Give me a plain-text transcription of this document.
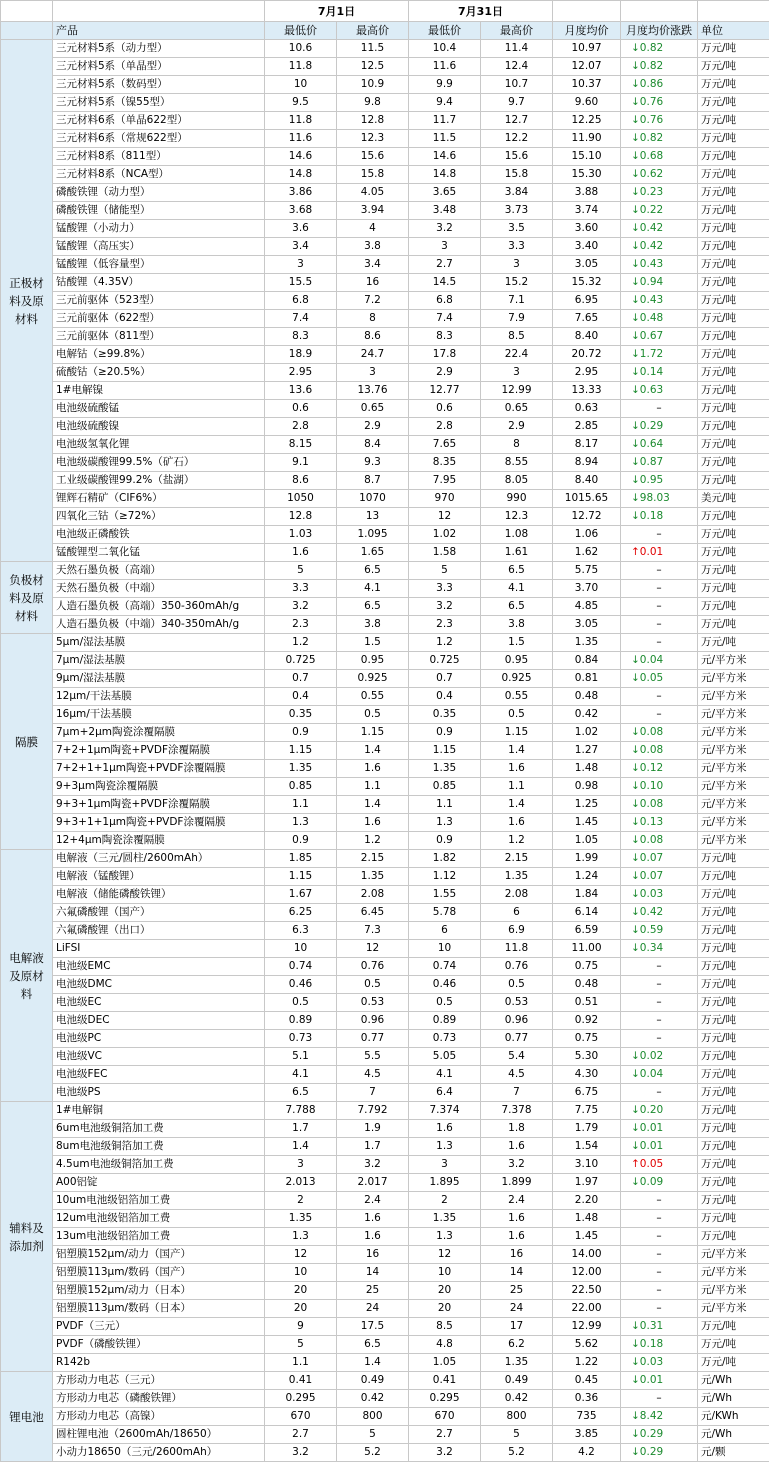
		7月1日		7月31日				
	产品	最低价	最高价	最低价	最高价	月度均价	月度均价涨跌	单位
正极材
料及原
材料	三元材料5系（动力型）	10.6	11.5	10.4	11.4	10.97	↓0.82	万元/吨
	三元材料5系（单晶型）	11.8	12.5	11.6	12.4	12.07	↓0.82	万元/吨
	三元材料5系（数码型）	10	10.9	9.9	10.7	10.37	↓0.86	万元/吨
	三元材料5系（镍55型）	9.5	9.8	9.4	9.7	9.60	↓0.76	万元/吨
	三元材料6系（单晶622型）	11.8	12.8	11.7	12.7	12.25	↓0.76	万元/吨
	三元材料6系（常规622型）	11.6	12.3	11.5	12.2	11.90	↓0.82	万元/吨
	三元材料8系（811型）	14.6	15.6	14.6	15.6	15.10	↓0.68	万元/吨
	三元材料8系（NCA型）	14.8	15.8	14.8	15.8	15.30	↓0.62	万元/吨
	磷酸铁锂（动力型）	3.86	4.05	3.65	3.84	3.88	↓0.23	万元/吨
	磷酸铁锂（储能型）	3.68	3.94	3.48	3.73	3.74	↓0.22	万元/吨
	锰酸锂（小动力）	3.6	4	3.2	3.5	3.60	↓0.42	万元/吨
	锰酸锂（高压实）	3.4	3.8	3	3.3	3.40	↓0.42	万元/吨
	锰酸锂（低容量型）	3	3.4	2.7	3	3.05	↓0.43	万元/吨
	钴酸锂（4.35V）	15.5	16	14.5	15.2	15.32	↓0.94	万元/吨
	三元前驱体（523型）	6.8	7.2	6.8	7.1	6.95	↓0.43	万元/吨
	三元前驱体（622型）	7.4	8	7.4	7.9	7.65	↓0.48	万元/吨
	三元前驱体（811型）	8.3	8.6	8.3	8.5	8.40	↓0.67	万元/吨
	电解钴（≥99.8%）	18.9	24.7	17.8	22.4	20.72	↓1.72	万元/吨
	硫酸钴（≥20.5%）	2.95	3	2.9	3	2.95	↓0.14	万元/吨
	1#电解镍	13.6	13.76	12.77	12.99	13.33	↓0.63	万元/吨
	电池级硫酸锰	0.6	0.65	0.6	0.65	0.63	–	万元/吨
	电池级硫酸镍	2.8	2.9	2.8	2.9	2.85	↓0.29	万元/吨
	电池级氢氧化锂	8.15	8.4	7.65	8	8.17	↓0.64	万元/吨
	电池级碳酸锂99.5%（矿石）	9.1	9.3	8.35	8.55	8.94	↓0.87	万元/吨
	工业级碳酸锂99.2%（盐湖）	8.6	8.7	7.95	8.05	8.40	↓0.95	万元/吨
	锂辉石精矿（CIF6%）	1050	1070	970	990	1015.65	↓98.03	美元/吨
	四氧化三钴（≥72%）	12.8	13	12	12.3	12.72	↓0.18	万元/吨
	电池级正磷酸铁	1.03	1.095	1.02	1.08	1.06	–	万元/吨
	锰酸锂型二氧化锰	1.6	1.65	1.58	1.61	1.62	↑0.01	万元/吨
负极材
料及原
材料	天然石墨负极（高端）	5	6.5	5	6.5	5.75	–	万元/吨
	天然石墨负极（中端）	3.3	4.1	3.3	4.1	3.70	–	万元/吨
	人造石墨负极（高端）350-360mAh/g	3.2	6.5	3.2	6.5	4.85	–	万元/吨
	人造石墨负极（中端）340-350mAh/g	2.3	3.8	2.3	3.8	3.05	–	万元/吨
隔膜	5μm/湿法基膜	1.2	1.5	1.2	1.5	1.35	–	万元/吨
	7μm/湿法基膜	0.725	0.95	0.725	0.95	0.84	↓0.04	元/平方米
	9μm/湿法基膜	0.7	0.925	0.7	0.925	0.81	↓0.05	元/平方米
	12μm/干法基膜	0.4	0.55	0.4	0.55	0.48	–	元/平方米
	16μm/干法基膜	0.35	0.5	0.35	0.5	0.42	–	元/平方米
	7μm+2μm陶瓷涂覆隔膜	0.9	1.15	0.9	1.15	1.02	↓0.08	元/平方米
	7+2+1μm陶瓷+PVDF涂覆隔膜	1.15	1.4	1.15	1.4	1.27	↓0.08	元/平方米
	7+2+1+1μm陶瓷+PVDF涂覆隔膜	1.35	1.6	1.35	1.6	1.48	↓0.12	元/平方米
	9+3μm陶瓷涂覆隔膜	0.85	1.1	0.85	1.1	0.98	↓0.10	元/平方米
	9+3+1μm陶瓷+PVDF涂覆隔膜	1.1	1.4	1.1	1.4	1.25	↓0.08	元/平方米
	9+3+1+1μm陶瓷+PVDF涂覆隔膜	1.3	1.6	1.3	1.6	1.45	↓0.13	元/平方米
	12+4μm陶瓷涂覆隔膜	0.9	1.2	0.9	1.2	1.05	↓0.08	元/平方米
电解液
及原材
料	电解液（三元/圆柱/2600mAh）	1.85	2.15	1.82	2.15	1.99	↓0.07	万元/吨
	电解液（锰酸锂）	1.15	1.35	1.12	1.35	1.24	↓0.07	万元/吨
	电解液（储能磷酸铁锂）	1.67	2.08	1.55	2.08	1.84	↓0.03	万元/吨
	六氟磷酸锂（国产）	6.25	6.45	5.78	6	6.14	↓0.42	万元/吨
	六氟磷酸锂（出口）	6.3	7.3	6	6.9	6.59	↓0.59	万元/吨
	LiFSI	10	12	10	11.8	11.00	↓0.34	万元/吨
	电池级EMC	0.74	0.76	0.74	0.76	0.75	–	万元/吨
	电池级DMC	0.46	0.5	0.46	0.5	0.48	–	万元/吨
	电池级EC	0.5	0.53	0.5	0.53	0.51	–	万元/吨
	电池级DEC	0.89	0.96	0.89	0.96	0.92	–	万元/吨
	电池级PC	0.73	0.77	0.73	0.77	0.75	–	万元/吨
	电池级VC	5.1	5.5	5.05	5.4	5.30	↓0.02	万元/吨
	电池级FEC	4.1	4.5	4.1	4.5	4.30	↓0.04	万元/吨
	电池级PS	6.5	7	6.4	7	6.75	–	万元/吨
辅料及
添加剂	1#电解铜	7.788	7.792	7.374	7.378	7.75	↓0.20	万元/吨
	6um电池级铜箔加工费	1.7	1.9	1.6	1.8	1.79	↓0.01	万元/吨
	8um电池级铜箔加工费	1.4	1.7	1.3	1.6	1.54	↓0.01	万元/吨
	4.5um电池级铜箔加工费	3	3.2	3	3.2	3.10	↑0.05	万元/吨
	A00铝锭	2.013	2.017	1.895	1.899	1.97	↓0.09	万元/吨
	10um电池级铝箔加工费	2	2.4	2	2.4	2.20	–	万元/吨
	12um电池级铝箔加工费	1.35	1.6	1.35	1.6	1.48	–	万元/吨
	13um电池级铝箔加工费	1.3	1.6	1.3	1.6	1.45	–	万元/吨
	铝塑膜152μm/动力（国产）	12	16	12	16	14.00	–	元/平方米
	铝塑膜113μm/数码（国产）	10	14	10	14	12.00	–	元/平方米
	铝塑膜152μm/动力（日本）	20	25	20	25	22.50	–	元/平方米
	铝塑膜113μm/数码（日本）	20	24	20	24	22.00	–	元/平方米
	PVDF（三元）	9	17.5	8.5	17	12.99	↓0.31	万元/吨
	PVDF（磷酸铁锂）	5	6.5	4.8	6.2	5.62	↓0.18	万元/吨
	R142b	1.1	1.4	1.05	1.35	1.22	↓0.03	万元/吨
锂电池	方形动力电芯（三元）	0.41	0.49	0.41	0.49	0.45	↓0.01	元/Wh
	方形动力电芯（磷酸铁锂）	0.295	0.42	0.295	0.42	0.36	–	元/Wh
	方形动力电芯（高镍）	670	800	670	800	735	↓8.42	元/KWh
	圆柱锂电池（2600mAh/18650）	2.7	5	2.7	5	3.85	↓0.29	元/Wh
	小动力18650（三元/2600mAh）	3.2	5.2	3.2	5.2	4.2	↓0.29	元/颗
